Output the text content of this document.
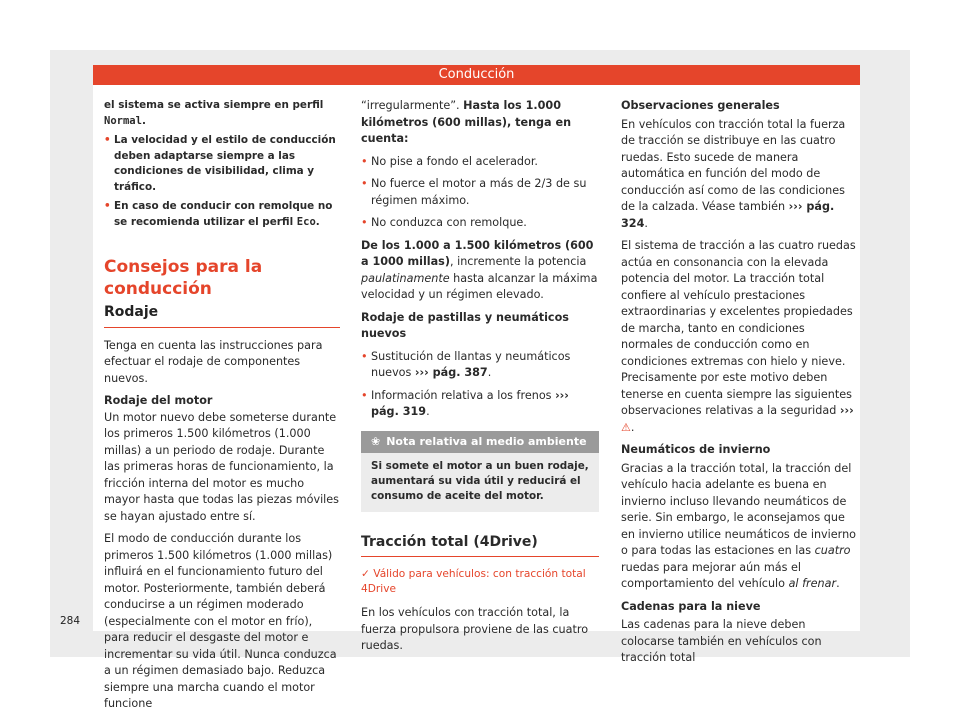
Conducción

el sistema se activa siempre en perfil Normal.

• La velocidad y el estilo de conducción deben adaptarse siempre a las condiciones de visibilidad, clima y tráfico.

• En caso de conducir con remolque no se recomienda utilizar el perfil Eco.

Consejos para la conducción
Rodaje

Tenga en cuenta las instrucciones para efectuar el rodaje de componentes nuevos.

Rodaje del motor

Un motor nuevo debe someterse durante los primeros 1.500 kilómetros (1.000 millas) a un periodo de rodaje. Durante las primeras horas de funcionamiento, la fricción interna del motor es mucho mayor hasta que todas las piezas móviles se hayan ajustado entre sí.

El modo de conducción durante los primeros 1.500 kilómetros (1.000 millas) influirá en el funcionamiento futuro del motor. Posteriormente, también deberá conducirse a un régimen moderado (especialmente con el motor en frío), para reducir el desgaste del motor e incrementar su vida útil. Nunca conduzca a un régimen demasiado bajo. Reduzca siempre una marcha cuando el motor funcione

“irregularmente”. Hasta los 1.000 kilómetros (600 millas), tenga en cuenta:

• No pise a fondo el acelerador.

• No fuerce el motor a más de 2/3 de su régimen máximo.

• No conduzca con remolque.

De los 1.000 a 1.500 kilómetros (600 a 1000 millas), incremente la potencia paulatinamente hasta alcanzar la máxima velocidad y un régimen elevado.

Rodaje de pastillas y neumáticos nuevos

• Sustitución de llantas y neumáticos nuevos ››› pág. 387.

• Información relativa a los frenos ››› pág. 319.

❀ Nota relativa al medio ambiente
Si somete el motor a un buen rodaje, aumentará su vida útil y reducirá el consumo de aceite del motor.
Tracción total (4Drive)
✓ Válido para vehículos: con tracción total 4Drive

En los vehículos con tracción total, la fuerza propulsora proviene de las cuatro ruedas.

Observaciones generales

En vehículos con tracción total la fuerza de tracción se distribuye en las cuatro ruedas. Esto sucede de manera automática en función del modo de conducción así como de las condiciones de la calzada. Véase también ››› pág. 324.

El sistema de tracción a las cuatro ruedas actúa en consonancia con la elevada potencia del motor. La tracción total confiere al vehículo prestaciones extraordinarias y excelentes propiedades de marcha, tanto en condiciones normales de conducción como en condiciones extremas con hielo y nieve. Precisamente por este motivo deben tenerse en cuenta siempre las siguientes observaciones relativas a la seguridad ››› ⚠.

Neumáticos de invierno

Gracias a la tracción total, la tracción del vehículo hacia adelante es buena en invierno incluso llevando neumáticos de serie. Sin embargo, le aconsejamos que en invierno utilice neumáticos de invierno o para todas las estaciones en las cuatro ruedas para mejorar aún más el comportamiento del vehículo al frenar.

Cadenas para la nieve

Las cadenas para la nieve deben colocarse también en vehículos con tracción total

284
